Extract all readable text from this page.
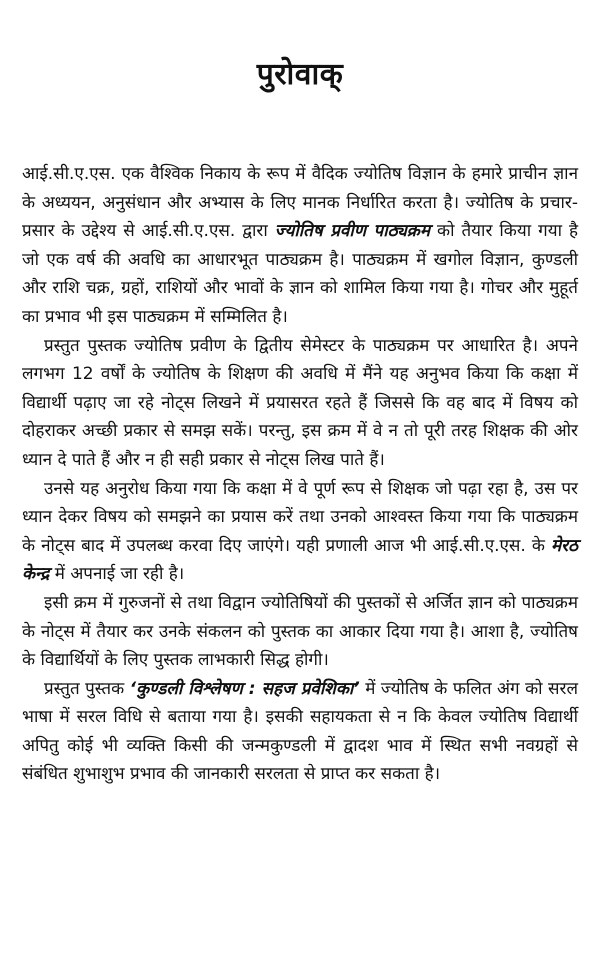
पुरोवाक्

आई.सी.ए.एस. एक वैश्विक निकाय के रूप में वैदिक ज्योतिष विज्ञान के हमारे प्राचीन ज्ञान के अध्ययन, अनुसंधान और अभ्यास के लिए मानक निर्धारित करता है। ज्योतिष के प्रचार-प्रसार के उद्देश्य से आई.सी.ए.एस. द्वारा ज्योतिष प्रवीण पाठ्यक्रम को तैयार किया गया है जो एक वर्ष की अवधि का आधारभूत पाठ्यक्रम है। पाठ्यक्रम में खगोल विज्ञान, कुण्डली और राशि चक्र, ग्रहों, राशियों और भावों के ज्ञान को शामिल किया गया है। गोचर और मुहूर्त का प्रभाव भी इस पाठ्यक्रम में सम्मिलित है।

प्रस्तुत पुस्तक ज्योतिष प्रवीण के द्वितीय सेमेस्टर के पाठ्यक्रम पर आधारित है। अपने लगभग 12 वर्षों के ज्योतिष के शिक्षण की अवधि में मैंने यह अनुभव किया कि कक्षा में विद्यार्थी पढ़ाए जा रहे नोट्स लिखने में प्रयासरत रहते हैं जिससे कि वह बाद में विषय को दोहराकर अच्छी प्रकार से समझ सकें। परन्तु, इस क्रम में वे न तो पूरी तरह शिक्षक की ओर ध्यान दे पाते हैं और न ही सही प्रकार से नोट्स लिख पाते हैं।

उनसे यह अनुरोध किया गया कि कक्षा में वे पूर्ण रूप से शिक्षक जो पढ़ा रहा है, उस पर ध्यान देकर विषय को समझने का प्रयास करें तथा उनको आश्वस्त किया गया कि पाठ्यक्रम के नोट्स बाद में उपलब्ध करवा दिए जाएंगे। यही प्रणाली आज भी आई.सी.ए.एस. के मेरठ केन्द्र में अपनाई जा रही है।

इसी क्रम में गुरुजनों से तथा विद्वान ज्योतिषियों की पुस्तकों से अर्जित ज्ञान को पाठ्यक्रम के नोट्स में तैयार कर उनके संकलन को पुस्तक का आकार दिया गया है। आशा है, ज्योतिष के विद्यार्थियों के लिए पुस्तक लाभकारी सिद्ध होगी।

प्रस्तुत पुस्तक ‘कुण्डली विश्लेषण : सहज प्रवेशिका’ में ज्योतिष के फलित अंग को सरल भाषा में सरल विधि से बताया गया है। इसकी सहायकता से न कि केवल ज्योतिष विद्यार्थी अपितु कोई भी व्यक्ति किसी की जन्मकुण्डली में द्वादश भाव में स्थित सभी नवग्रहों से संबंधित शुभाशुभ प्रभाव की जानकारी सरलता से प्राप्त कर सकता है।
